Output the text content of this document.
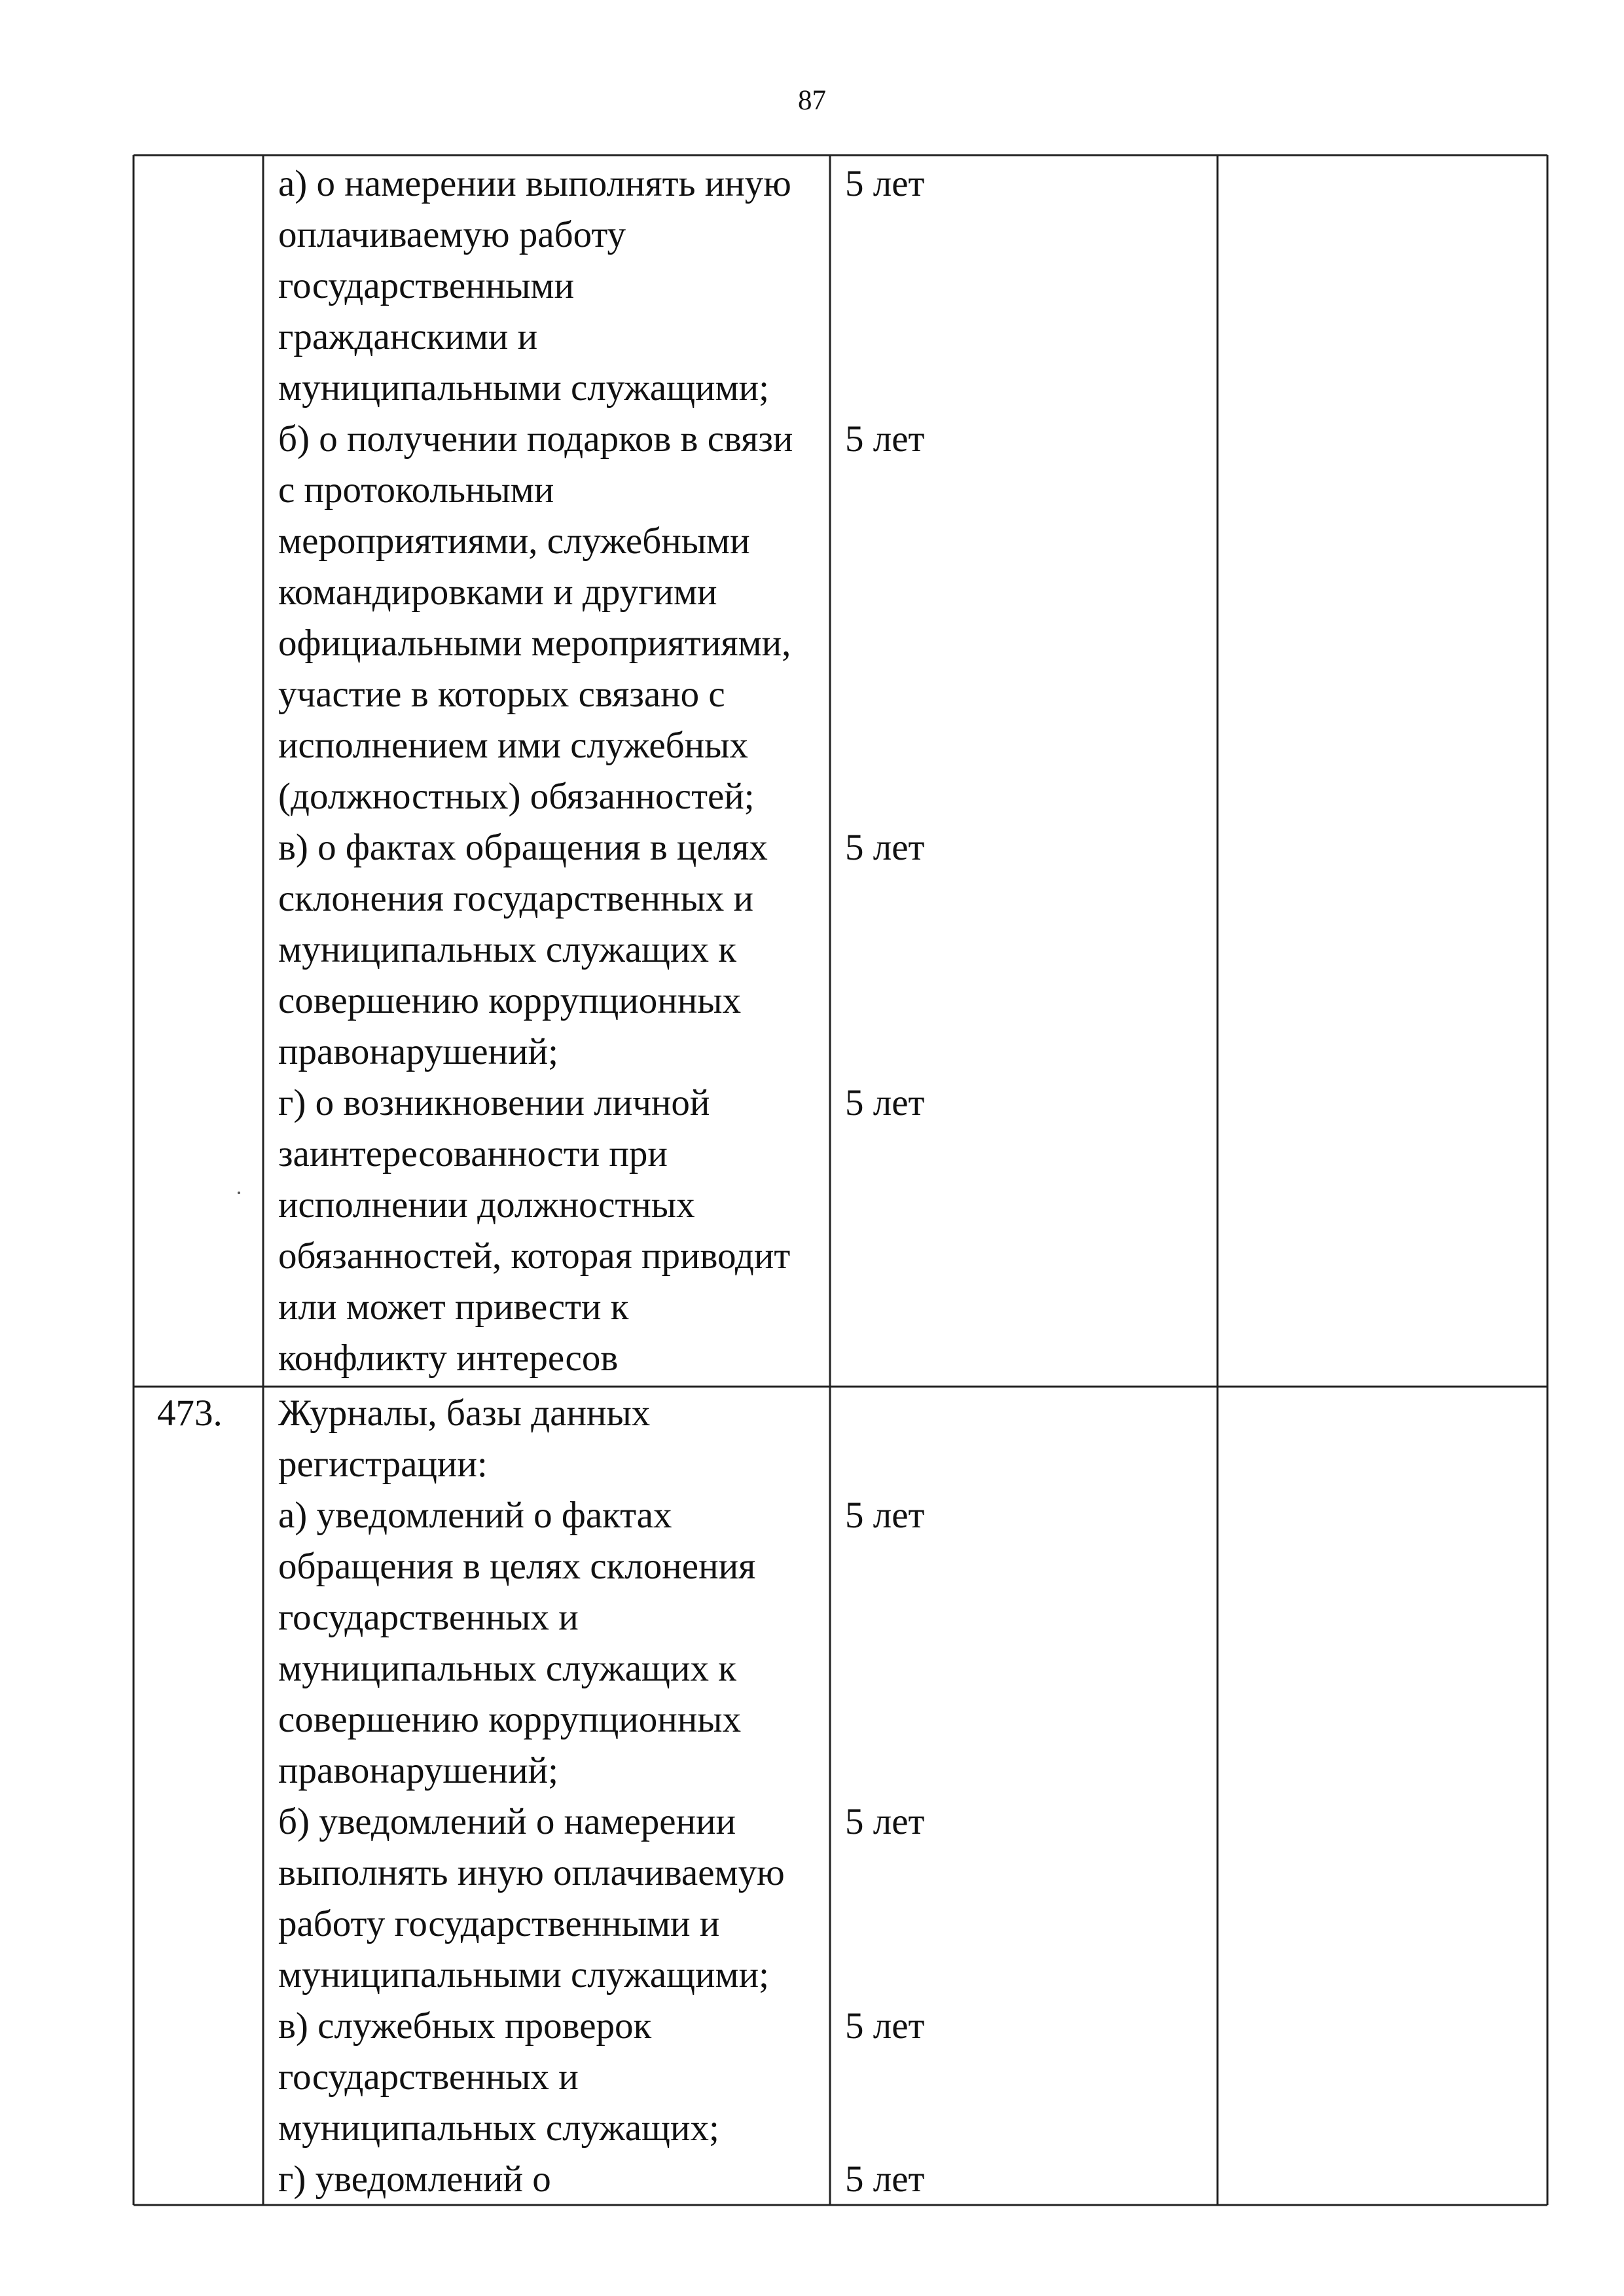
87
а) о намерении выполнять иную
оплачиваемую работу
государственными
гражданскими и
муниципальными служащими;
5 лет
б) о получении подарков в связи
с протокольными
мероприятиями, служебными
командировками и другими
официальными мероприятиями,
участие в которых связано с
исполнением ими служебных
(должностных) обязанностей;
5 лет
в) о фактах обращения в целях
склонения государственных и
муниципальных служащих к
совершению коррупционных
правонарушений;
5 лет
г) о возникновении личной
заинтересованности при
исполнении должностных
обязанностей, которая приводит
или может привести к
конфликту интересов
5 лет
473. Журналы, базы данных
регистрации:
а) уведомлений о фактах
обращения в целях склонения
государственных и
муниципальных служащих к
совершению коррупционных
правонарушений;
5 лет
б) уведомлений о намерении
выполнять иную оплачиваемую
работу государственными и
муниципальными служащими;
5 лет
в) служебных проверок
государственных и
муниципальных служащих;
5 лет
г) уведомлений о	5 лет
